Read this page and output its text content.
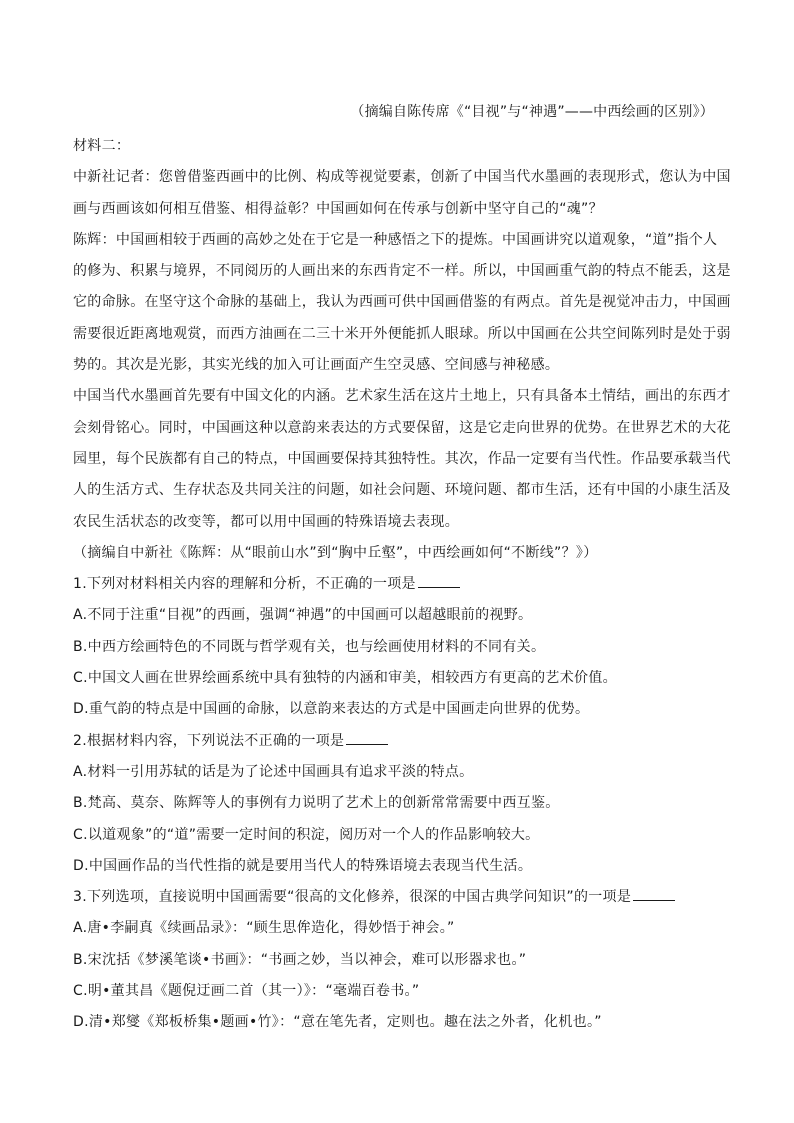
（摘编自陈传席《“目视”与“神遇”——中西绘画的区别》）
材料二：
中新社记者：您曾借鉴西画中的比例、构成等视觉要素，创新了中国当代水墨画的表现形式，您认为中国
画与西画该如何相互借鉴、相得益彰？中国画如何在传承与创新中坚守自己的“魂”？
陈辉：中国画相较于西画的高妙之处在于它是一种感悟之下的提炼。中国画讲究以道观象，“道”指个人
的修为、积累与境界，不同阅历的人画出来的东西肯定不一样。所以，中国画重气韵的特点不能丢，这是
它的命脉。在坚守这个命脉的基础上，我认为西画可供中国画借鉴的有两点。首先是视觉冲击力，中国画
需要很近距离地观赏，而西方油画在二三十米开外便能抓人眼球。所以中国画在公共空间陈列时是处于弱
势的。其次是光影，其实光线的加入可让画面产生空灵感、空间感与神秘感。
中国当代水墨画首先要有中国文化的内涵。艺术家生活在这片土地上，只有具备本土情结，画出的东西才
会刻骨铭心。同时，中国画这种以意韵来表达的方式要保留，这是它走向世界的优势。在世界艺术的大花
园里，每个民族都有自己的特点，中国画要保持其独特性。其次，作品一定要有当代性。作品要承载当代
人的生活方式、生存状态及共同关注的问题，如社会问题、环境问题、都市生活，还有中国的小康生活及
农民生活状态的改变等，都可以用中国画的特殊语境去表现。
（摘编自中新社《陈辉：从“眼前山水”到“胸中丘壑”，中西绘画如何“不断线”？》）
1.下列对材料相关内容的理解和分析，不正确的一项是
A.不同于注重“目视”的西画，强调“神遇”的中国画可以超越眼前的视野。
B.中西方绘画特色的不同既与哲学观有关，也与绘画使用材料的不同有关。
C.中国文人画在世界绘画系统中具有独特的内涵和审美，相较西方有更高的艺术价值。
D.重气韵的特点是中国画的命脉，以意韵来表达的方式是中国画走向世界的优势。
2.根据材料内容，下列说法不正确的一项是
A.材料一引用苏轼的话是为了论述中国画具有追求平淡的特点。
B.梵高、莫奈、陈辉等人的事例有力说明了艺术上的创新常常需要中西互鉴。
C.以道观象”的“道”需要一定时间的积淀，阅历对一个人的作品影响较大。
D.中国画作品的当代性指的就是要用当代人的特殊语境去表现当代生活。
3.下列选项，直接说明中国画需要“很高的文化修养，很深的中国古典学问知识”的一项是
A.唐•李嗣真《续画品录》：“顾生思侔造化，得妙悟于神会。”
B.宋沈括《梦溪笔谈•书画》：“书画之妙，当以神会，难可以形器求也。”
C.明•董其昌《题倪迂画二首（其一）》：“毫端百卷书。”
D.清•郑燮《郑板桥集•题画•竹》：“意在笔先者，定则也。趣在法之外者，化机也。”
